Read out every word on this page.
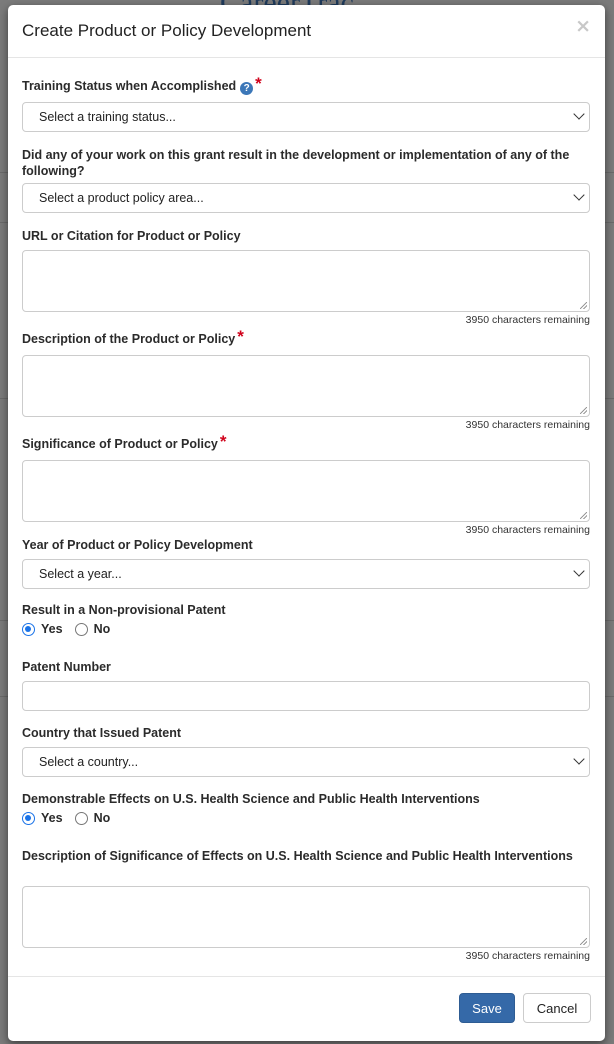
Create Product or Policy Development	×
Training Status when Accomplished ? *
Select a training status...
Did any of your work on this grant result in the development or implementation of any of the following?
Select a product policy area...
URL or Citation for Product or Policy
3950 characters remaining
Description of the Product or Policy *
3950 characters remaining
Significance of Product or Policy *
3950 characters remaining
Year of Product or Policy Development
Select a year...
Result in a Non-provisional Patent
Yes No
Patent Number
Country that Issued Patent
Select a country...
Demonstrable Effects on U.S. Health Science and Public Health Interventions
Yes No
Description of Significance of Effects on U.S. Health Science and Public Health Interventions
3950 characters remaining
Save	Cancel
